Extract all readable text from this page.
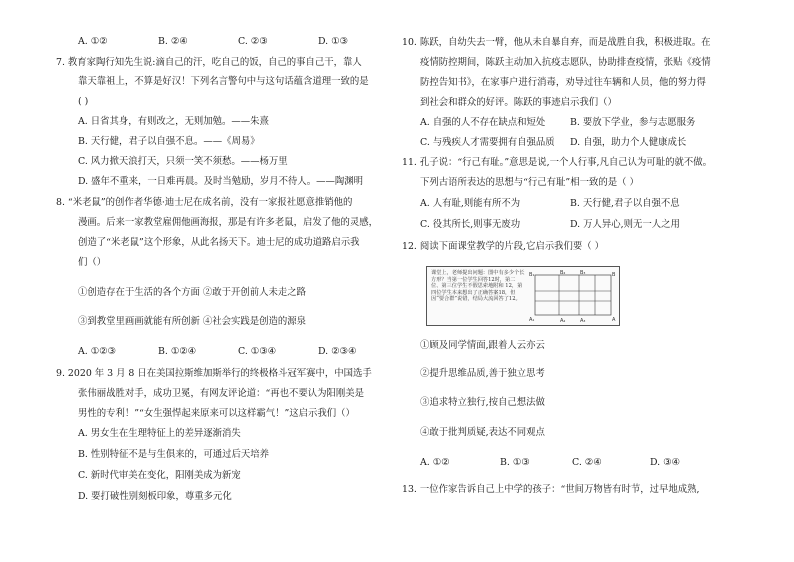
A. ①②	B. ②④	C. ②③	D. ①③
7. 教育家陶行知先生说:滴自己的汗，吃自己的饭，自己的事自己干，靠人
靠天靠祖上，不算是好汉！下列名言警句中与这句话蕴含道理一致的是
( )
A. 日省其身，有则改之，无则加勉。——朱熹
B. 天行健，君子以自强不息。——《周易》
C. 风力掀天浪打天，只须一笑不须愁。——杨万里
D. 盛年不重来，一日难再晨。及时当勉励，岁月不待人。——陶渊明
8. “米老鼠”的创作者华德·迪士尼在成名前，没有一家报社愿意推销他的
漫画。后来一家教堂雇佣他画海报，那是有许多老鼠，启发了他的灵感，
创造了“米老鼠”这个形象，从此名扬天下。迪士尼的成功道路启示我
们（）
①创造存在于生活的各个方面 ②敢于开创前人未走之路
③到教堂里画画就能有所创新 ④社会实践是创造的源泉
A. ①②③	B. ①②④	C. ①③④	D. ②③④
9. 2020 年 3 月 8 日在美国拉斯维加斯举行的终极格斗冠军赛中，中国选手
张伟丽战胜对手，成功卫冕，有网友评论道：“再也不要认为阳刚美是
男性的专利！”“女生强悍起来原来可以这样霸气！”这启示我们（）
A. 男女生在生理特征上的差异逐渐消失
B. 性别特征不是与生俱来的，可通过后天培养
C. 新时代审美在变化，阳刚美成为新宠
D. 要打破性别刻板印象，尊重多元化
10. 陈跃，自幼失去一臂，他从未自暴自弃，而是战胜自我，积极进取。在
疫情防控期间，陈跃主动加入抗疫志愿队，协助排查疫情，张贴《疫情
防控告知书》，在家事户进行消毒，劝导过往车辆和人员，他的努力得
到社会和群众的好评。陈跃的事迹启示我们（）
A. 自强的人不存在缺点和短处	B. 要放下学业，参与志愿服务
C. 与残疾人才需要拥有自强品质 D. 自强，助力个人健康成长
11. 孔子说：“行己有耻。”意思是说,一个人行事,凡自己认为可耻的就不做。
下列古语所表达的思想与“行己有耻”相一致的是（ ）
A. 人有耻,则能有所不为	B. 天行健,君子以自强不息
C. 役其所长,则事无废功	D. 万人异心,则无一人之用
12. 阅读下面课堂教学的片段,它启示我们要（ ）
课堂上，老师提出问题：图中有多少个长方形？当第一位学生回答12时，第二位、第三位学生不假思索地附和 12，第四位学生本来想出了正确答案18，但因“要合群”说错，结局大流回答了12。
B₁	B₂	B₃	B
A₁	A₂	A₃	A
①顾及同学情面,跟着人云亦云
②提升思维品质,善于独立思考
③追求特立独行,按自己想法做
④敢于批判质疑,表达不同观点
A. ①②	B. ①③	C. ②④	D. ③④
13. 一位作家告诉自己上中学的孩子：“世间万物皆有时节，过早地成熟,
